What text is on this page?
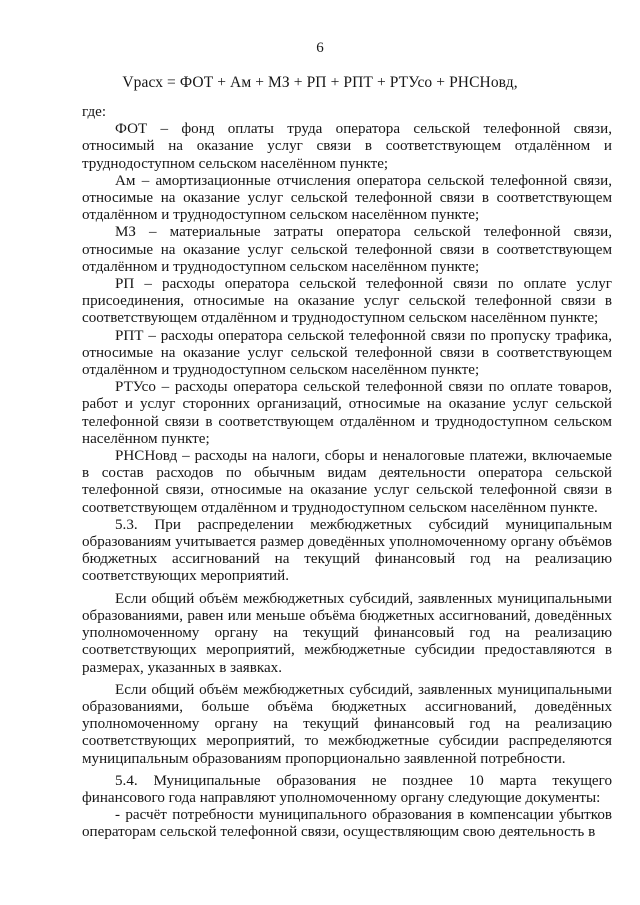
6
Vрасх = ФОТ + Ам + МЗ + РП + РПТ + РТУсо + РНСНовд,

где:

ФОТ – фонд оплаты труда оператора сельской телефонной связи, относимый на оказание услуг связи в соответствующем отдалённом и труднодоступном сельском населённом пункте;

Ам – амортизационные отчисления оператора сельской телефонной связи, относимые на оказание услуг сельской телефонной связи в соответствующем отдалённом и труднодоступном сельском населённом пункте;

МЗ – материальные затраты оператора сельской телефонной связи, относимые на оказание услуг сельской телефонной связи в соответствующем отдалённом и труднодоступном сельском населённом пункте;

РП – расходы оператора сельской телефонной связи по оплате услуг присоединения, относимые на оказание услуг сельской телефонной связи в соответствующем отдалённом и труднодоступном сельском населённом пункте;

РПТ – расходы оператора сельской телефонной связи по пропуску трафика, относимые на оказание услуг сельской телефонной связи в соответствующем отдалённом и труднодоступном сельском населённом пункте;

РТУсо – расходы оператора сельской телефонной связи по оплате товаров, работ и услуг сторонних организаций, относимые на оказание услуг сельской телефонной связи в соответствующем отдалённом и труднодоступном сельском населённом пункте;

РНСНовд – расходы на налоги, сборы и неналоговые платежи, включаемые в состав расходов по обычным видам деятельности оператора сельской телефонной связи, относимые на оказание услуг сельской телефонной связи в соответствующем отдалённом и труднодоступном сельском населённом пункте.

5.3. При распределении межбюджетных субсидий муниципальным образованиям учитывается размер доведённых уполномоченному органу объёмов бюджетных ассигнований на текущий финансовый год на реализацию соответствующих мероприятий.

Если общий объём межбюджетных субсидий, заявленных муниципальными образованиями, равен или меньше объёма бюджетных ассигнований, доведённых уполномоченному органу на текущий финансовый год на реализацию соответствующих мероприятий, межбюджетные субсидии предоставляются в размерах, указанных в заявках.

Если общий объём межбюджетных субсидий, заявленных муниципальными образованиями, больше объёма бюджетных ассигнований, доведённых уполномоченному органу на текущий финансовый год на реализацию соответствующих мероприятий, то межбюджетные субсидии распределяются муниципальным образованиям пропорционально заявленной потребности.

5.4. Муниципальные образования не позднее 10 марта текущего финансового года направляют уполномоченному органу следующие документы:

- расчёт потребности муниципального образования в компенсации убытков операторам сельской телефонной связи, осуществляющим свою деятельность в
